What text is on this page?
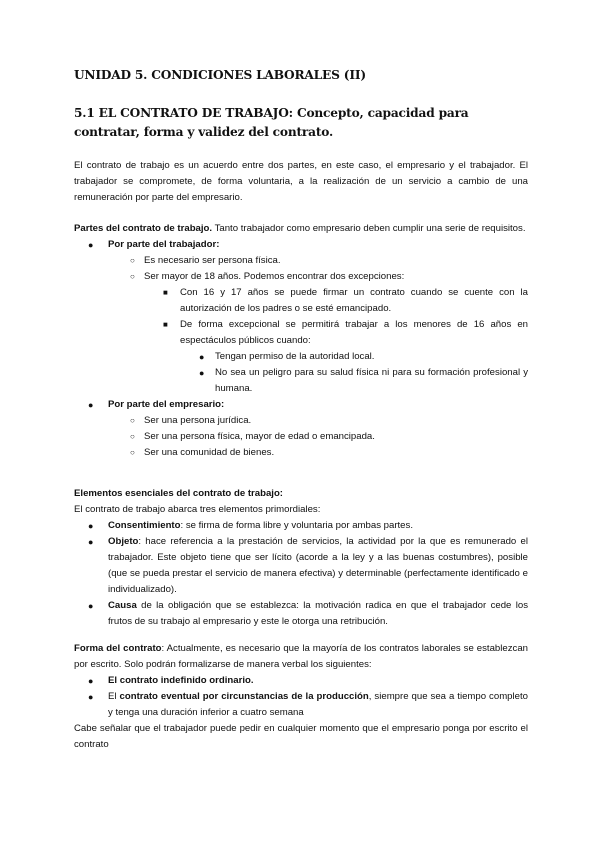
UNIDAD 5. CONDICIONES LABORALES (II)
5.1 EL CONTRATO DE TRABAJO: Concepto, capacidad para contratar, forma y validez del contrato.
El contrato de trabajo es un acuerdo entre dos partes, en este caso, el empresario y el trabajador. El trabajador se compromete, de forma voluntaria, a la realización de un servicio a cambio de una remuneración por parte del empresario.
Partes del contrato de trabajo. Tanto trabajador como empresario deben cumplir una serie de requisitos.
● Por parte del trabajador:
○ Es necesario ser persona física.
○ Ser mayor de 18 años. Podemos encontrar dos excepciones:
■ Con 16 y 17 años se puede firmar un contrato cuando se cuente con la autorización de los padres o se esté emancipado.
■ De forma excepcional se permitirá trabajar a los menores de 16 años en espectáculos públicos cuando:
● Tengan permiso de la autoridad local.
● No sea un peligro para su salud física ni para su formación profesional y humana.
● Por parte del empresario:
○ Ser una persona jurídica.
○ Ser una persona física, mayor de edad o emancipada.
○ Ser una comunidad de bienes.
Elementos esenciales del contrato de trabajo:
El contrato de trabajo abarca tres elementos primordiales:
● Consentimiento: se firma de forma libre y voluntaria por ambas partes.
● Objeto: hace referencia a la prestación de servicios, la actividad por la que es remunerado el trabajador. Este objeto tiene que ser lícito (acorde a la ley y a las buenas costumbres), posible (que se pueda prestar el servicio de manera efectiva) y determinable (perfectamente identificado e individualizado).
● Causa de la obligación que se establezca: la motivación radica en que el trabajador cede los frutos de su trabajo al empresario y este le otorga una retribución.
Forma del contrato: Actualmente, es necesario que la mayoría de los contratos laborales se establezcan por escrito. Solo podrán formalizarse de manera verbal los siguientes:
● El contrato indefinido ordinario.
● El contrato eventual por circunstancias de la producción, siempre que sea a tiempo completo y tenga una duración inferior a cuatro semana
Cabe señalar que el trabajador puede pedir en cualquier momento que el empresario ponga por escrito el contrato
